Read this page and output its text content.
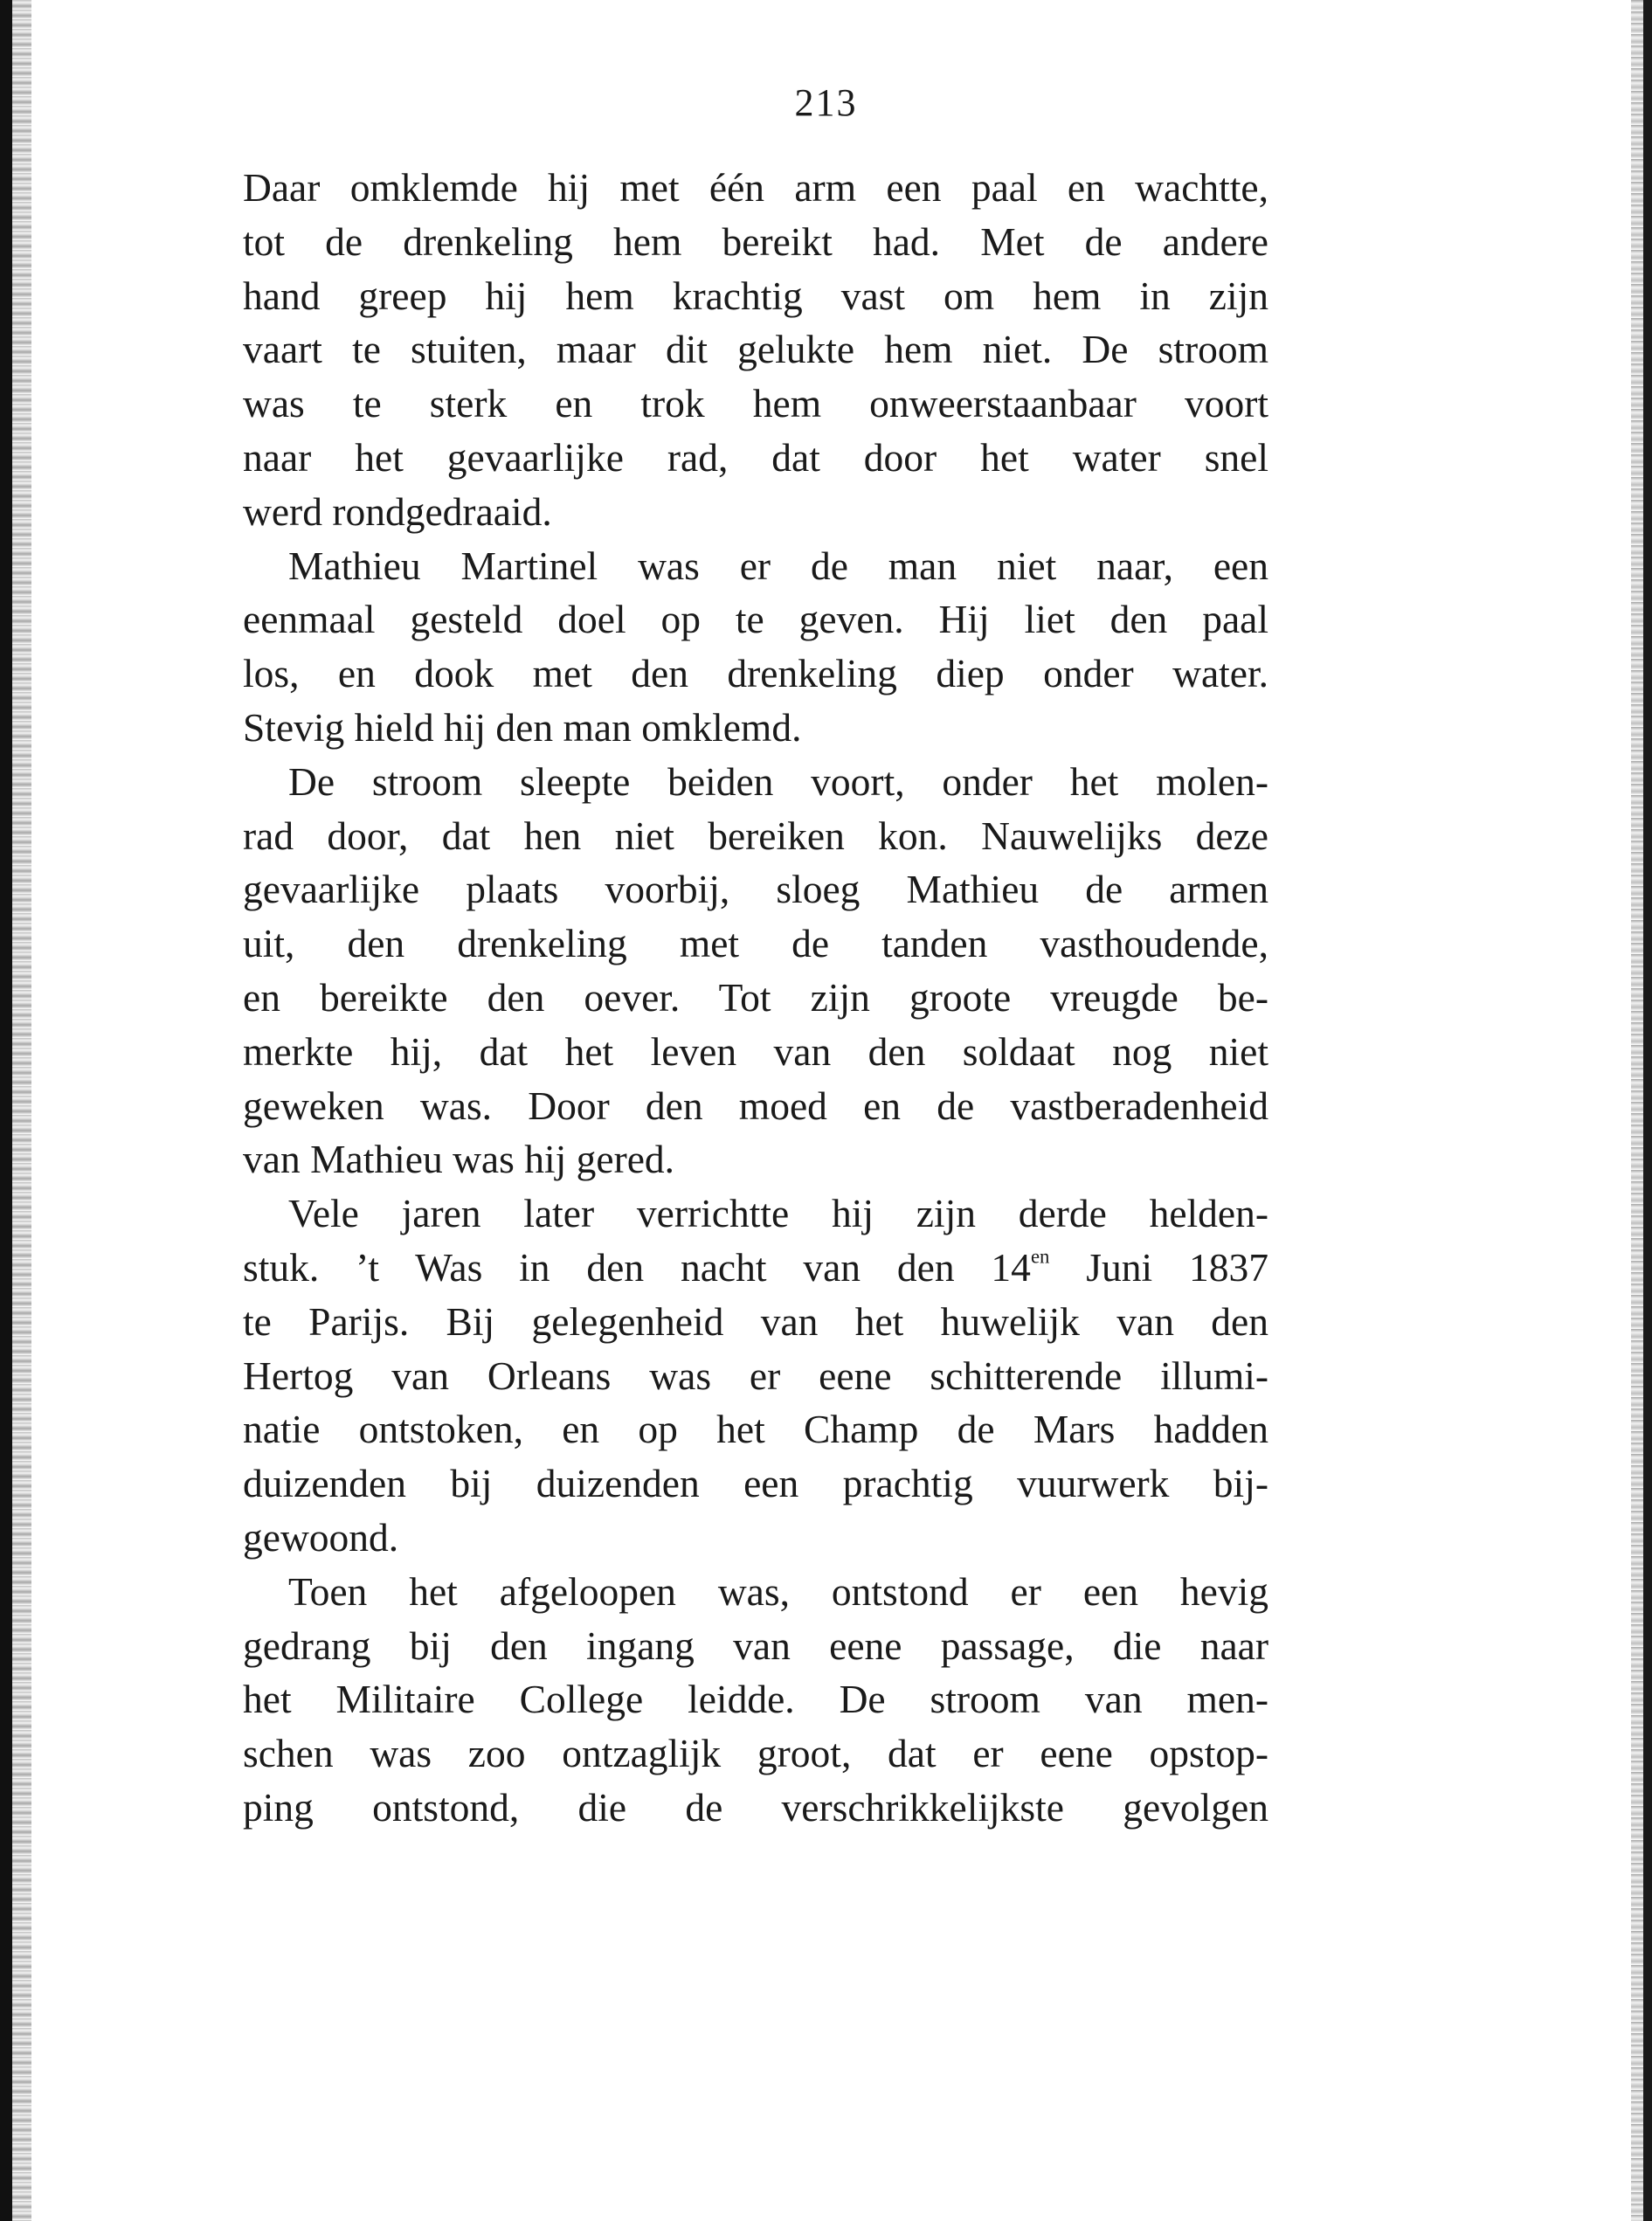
213
Daar omklemde hij met één arm een paal en wachtte,
tot de drenkeling hem bereikt had. Met de andere
hand greep hij hem krachtig vast om hem in zijn
vaart te stuiten, maar dit gelukte hem niet. De stroom
was te sterk en trok hem onweerstaanbaar voort
naar het gevaarlijke rad, dat door het water snel
werd rondgedraaid.
Mathieu Martinel was er de man niet naar, een
eenmaal gesteld doel op te geven. Hij liet den paal
los, en dook met den drenkeling diep onder water.
Stevig hield hij den man omklemd.
De stroom sleepte beiden voort, onder het molen-
rad door, dat hen niet bereiken kon. Nauwelijks deze
gevaarlijke plaats voorbij, sloeg Mathieu de armen
uit, den drenkeling met de tanden vasthoudende,
en bereikte den oever. Tot zijn groote vreugde be-
merkte hij, dat het leven van den soldaat nog niet
geweken was. Door den moed en de vastberadenheid
van Mathieu was hij gered.
Vele jaren later verrichtte hij zijn derde helden-
stuk. ’t Was in den nacht van den $14^{en}$ Juni 1837
te Parijs. Bij gelegenheid van het huwelijk van den
Hertog van Orleans was er eene schitterende illumi-
natie ontstoken, en op het Champ de Mars hadden
duizenden bij duizenden een prachtig vuurwerk bij-
gewoond.
Toen het afgeloopen was, ontstond er een hevig
gedrang bij den ingang van eene passage, die naar
het Militaire College leidde. De stroom van men-
schen was zoo ontzaglijk groot, dat er eene opstop-
ping ontstond, die de verschrikkelijkste gevolgen
